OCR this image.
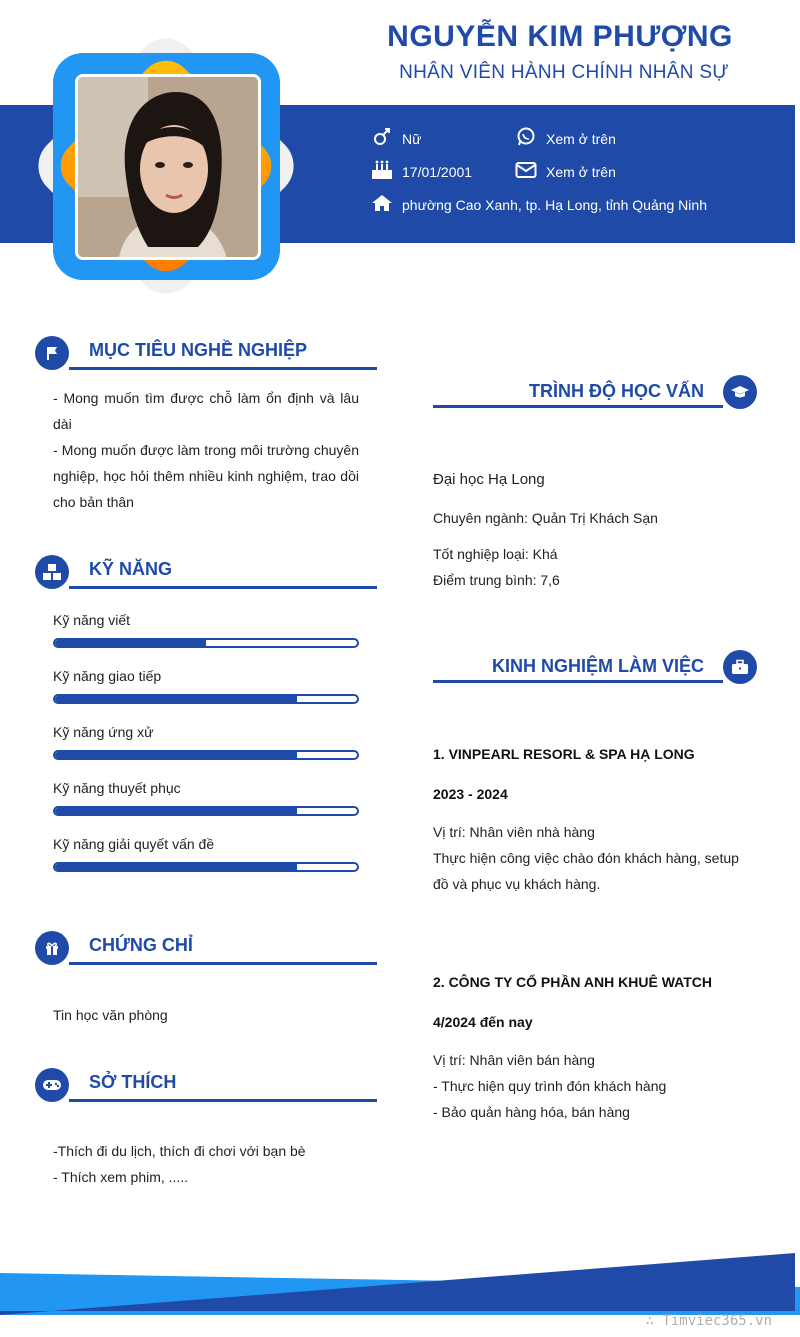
NGUYỄN KIM PHƯỢNG
NHÂN VIÊN HÀNH CHÍNH NHÂN SỰ
Nữ	Xem ở trên
17/01/2001	Xem ở trên
phường Cao Xanh, tp. Hạ Long, tỉnh Quảng Ninh
MỤC TIÊU NGHỀ NGHIỆP
- Mong muốn tìm được chỗ làm ổn định và lâu dài
- Mong muốn được làm trong môi trường chuyên nghiệp, học hỏi thêm nhiều kinh nghiệm, trao dồi cho bản thân
KỸ NĂNG
Kỹ năng viết
Kỹ năng giao tiếp
Kỹ năng ứng xử
Kỹ năng thuyết phục
Kỹ năng giải quyết vấn đề
CHỨNG CHỈ
Tin học văn phòng
SỞ THÍCH
-Thích đi du lịch, thích đi chơi với bạn bè
- Thích xem phim, .....
TRÌNH ĐỘ HỌC VẤN
Đại học Hạ Long
Chuyên ngành: Quản Trị Khách Sạn
Tốt nghiệp loại: Khá
Điểm trung bình: 7,6
KINH NGHIỆM LÀM VIỆC
1. VINPEARL RESORL & SPA HẠ LONG
2023 - 2024
Vị trí: Nhân viên nhà hàng
Thực hiện công việc chào đón khách hàng, setup đồ và phục vụ khách hàng.
2. CÔNG TY CỔ PHẦN ANH KHUÊ WATCH
4/2024 đến nay
Vị trí: Nhân viên bán hàng
- Thực hiện quy trình đón khách hàng
- Bảo quản hàng hóa, bán hàng
∴ Timviec365.vn
